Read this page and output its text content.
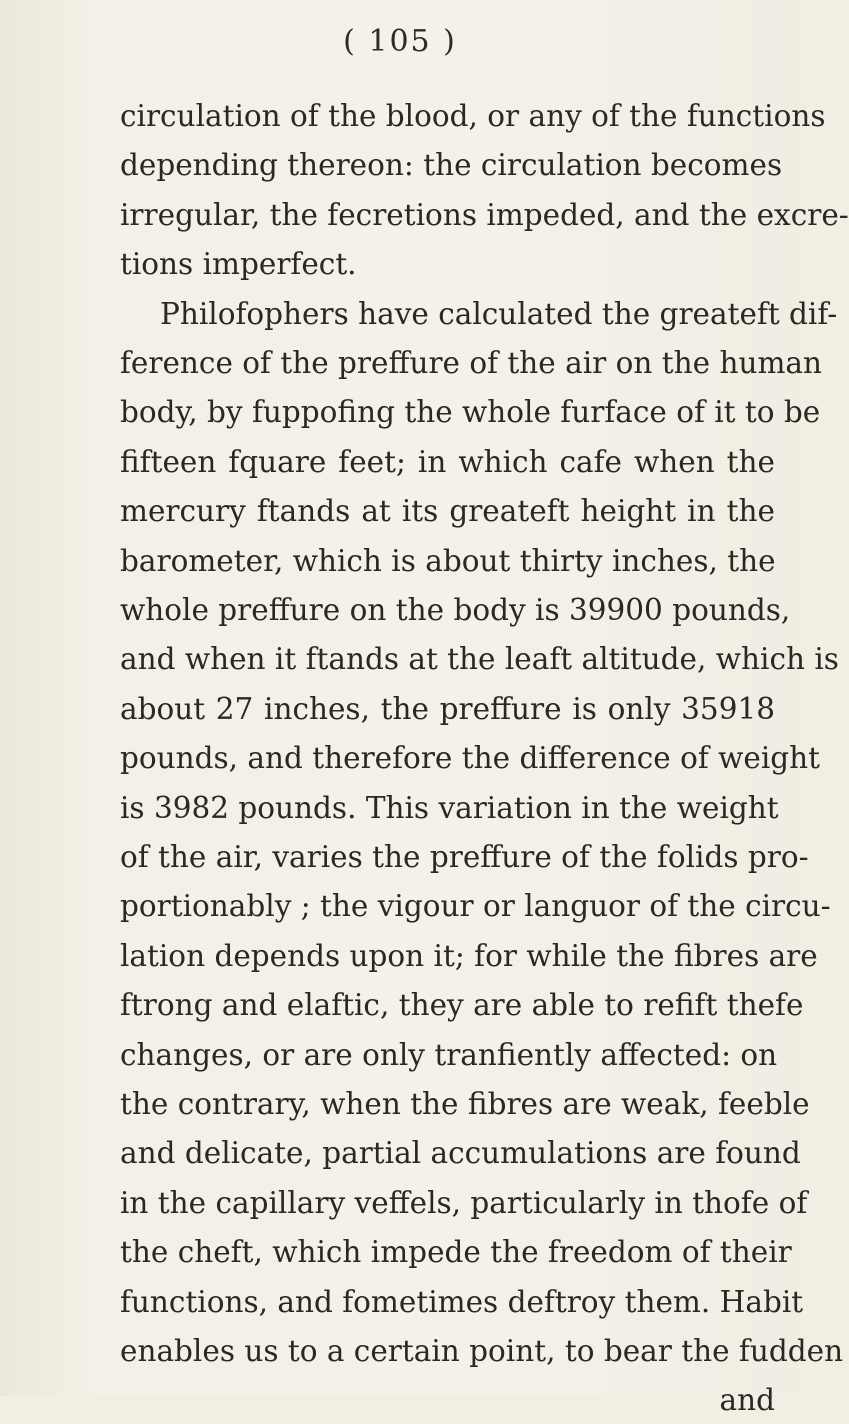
( 105 )
circulation of the blood, or any of the functions
depending thereon: the circulation becomes
irregular, the fecretions impeded, and the excre-
tions imperfect.
Philofophers have calculated the greateft dif-
ference of the preffure of the air on the human
body, by fuppofing the whole furface of it to be
fifteen fquare feet; in which cafe when the
mercury ftands at its greateft height in the
barometer, which is about thirty inches, the
whole preffure on the body is 39900 pounds,
and when it ftands at the leaft altitude, which is
about 27 inches, the preffure is only 35918
pounds, and therefore the difference of weight
is 3982 pounds. This variation in the weight
of the air, varies the preffure of the folids pro-
portionably ; the vigour or languor of the circu-
lation depends upon it; for while the fibres are
ftrong and elaftic, they are able to refift thefe
changes, or are only tranfiently affected: on
the contrary, when the fibres are weak, feeble
and delicate, partial accumulations are found
in the capillary veffels, particularly in thofe of
the cheft, which impede the freedom of their
functions, and fometimes deftroy them. Habit
enables us to a certain point, to bear the fudden
and
